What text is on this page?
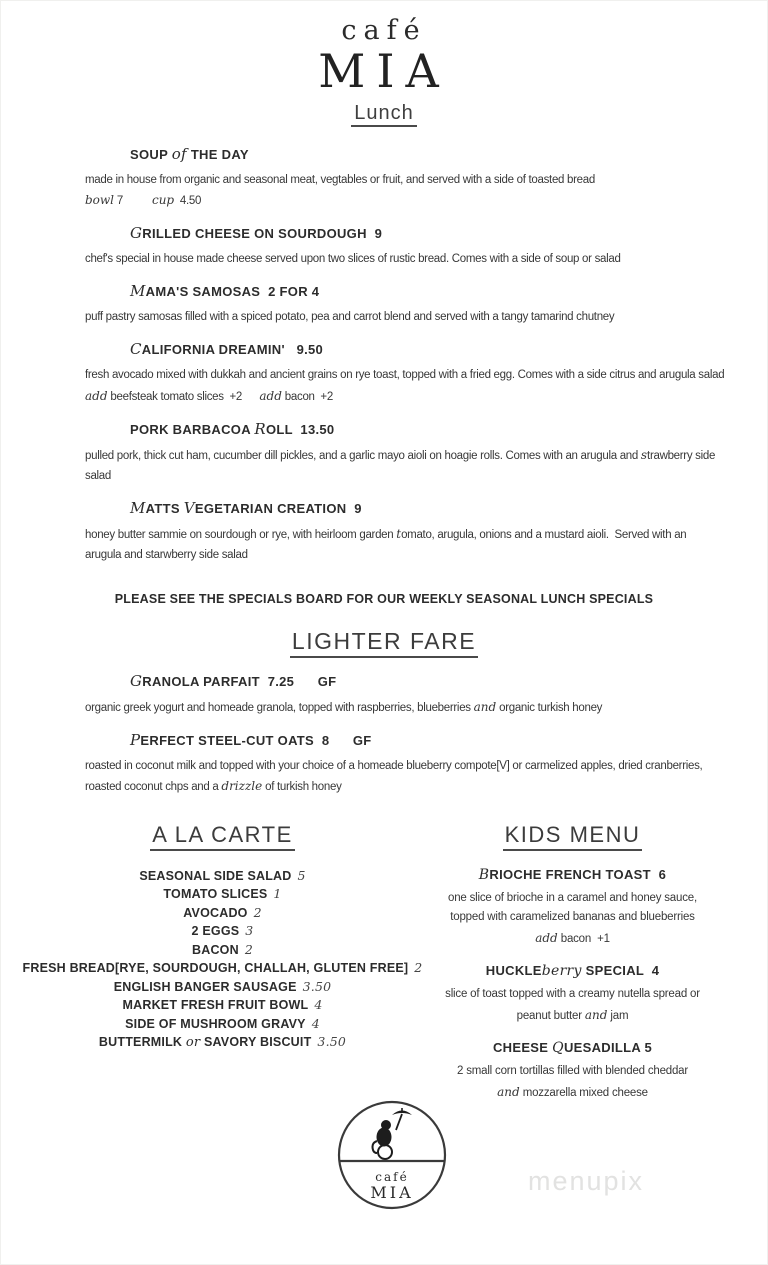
café
MIA
Lunch
SOUP of THE DAY
made in house from organic and seasonal meat, vegtables or fruit, and served with a side of toasted bread
bowl 7          cup  4.50
GRILLED CHEESE ON SOURDOUGH  9
chef's special in house made cheese served upon two slices of rustic bread. Comes with a side of soup or salad
MAMA'S SAMOSAS  2 FOR 4
puff pastry samosas filled with a spiced potato, pea and carrot blend and served with a tangy tamarind chutney
CALIFORNIA DREAMIN'   9.50
fresh avocado mixed with dukkah and ancient grains on rye toast, topped with a fried egg. Comes with a side citrus and arugula salad
add beefsteak tomato slices  +2      add bacon  +2
PORK BARBACOA ROLL  13.50
pulled pork, thick cut ham, cucumber dill pickles, and a garlic mayo aioli on hoagie rolls. Comes with an arugula and strawberry side salad
MATTS VEGETARIAN CREATION  9
honey butter sammie on sourdough or rye, with heirloom garden tomato, arugula, onions and a mustard aioli.  Served with an arugula and starwberry side salad
PLEASE SEE THE SPECIALS BOARD FOR OUR WEEKLY SEASONAL LUNCH SPECIALS
LIGHTER FARE
GRANOLA PARFAIT  7.25      GF
organic greek yogurt and homeade granola, topped with raspberries, blueberries and organic turkish honey
PERFECT STEEL-CUT OATS  8      GF
roasted in coconut milk and topped with your choice of a homeade blueberry compote[V] or carmelized apples, dried cranberries, roasted coconut chps and a drizzle of turkish honey
A LA CARTE
SEASONAL SIDE SALAD 5
TOMATO SLICES 1
AVOCADO 2
2 EGGS 3
BACON 2
FRESH BREAD[RYE, SOURDOUGH, CHALLAH, GLUTEN FREE] 2
ENGLISH BANGER SAUSAGE 3.50
MARKET FRESH FRUIT BOWL 4
SIDE OF MUSHROOM GRAVY 4
BUTTERMILK or SAVORY BISCUIT 3.50
KIDS MENU
BRIOCHE FRENCH TOAST  6
one slice of brioche in a caramel and honey sauce, topped with caramelized bananas and blueberries
add bacon  +1
HUCKLEberry SPECIAL  4
slice of toast topped with a creamy nutella spread or peanut butter and jam
CHEESE QUESADILLA 5
2 small corn tortillas filled with blended cheddar and mozzarella mixed cheese
café
MIA	menupix
